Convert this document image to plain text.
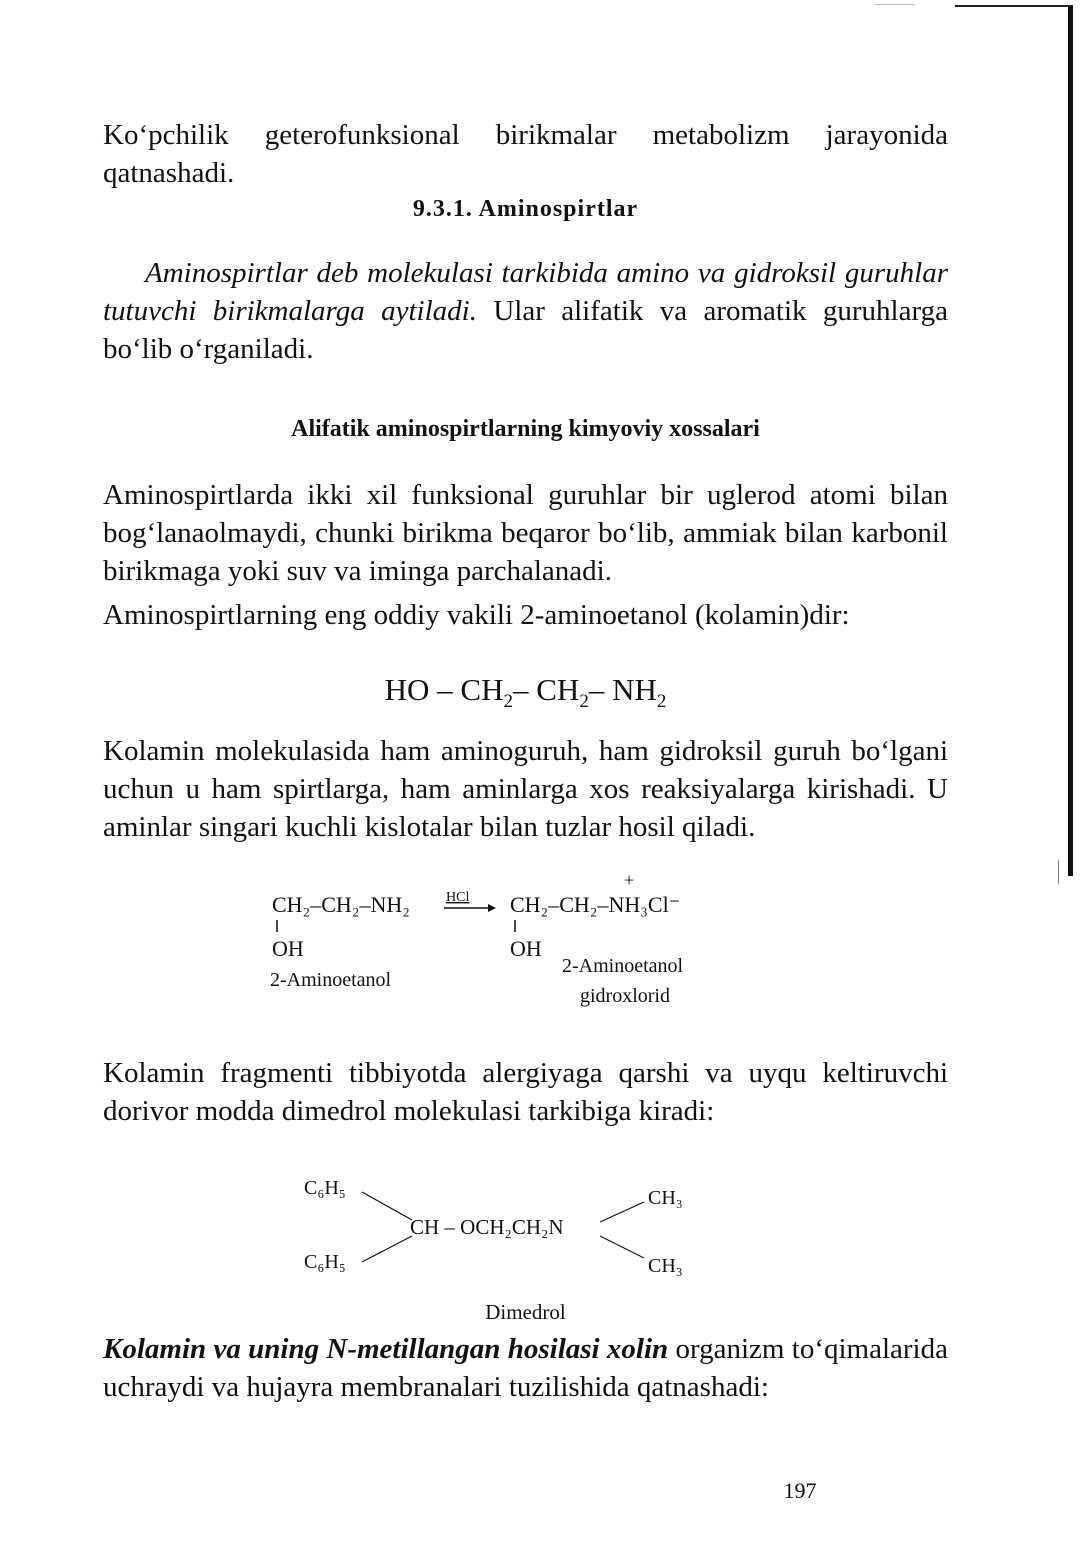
Ko‘pchilik geterofunksional birikmalar metabolizm jarayonida qatnashadi.
9.3.1. Aminospirtlar
Aminospirtlar deb molekulasi tarkibida amino va gidroksil guruhlar tutuvchi birikmalarga aytiladi. Ular alifatik va aromatik guruhlarga bo‘lib o‘rganiladi.
Alifatik aminospirtlarning kimyoviy xossalari
Aminospirtlarda ikki xil funksional guruhlar bir uglerod atomi bilan bog‘lanaolmaydi, chunki birikma beqaror bo‘lib, ammiak bilan karbonil birikmaga yoki suv va iminga parchalanadi.
Aminospirtlarning eng oddiy vakili 2-aminoetanol (kolamin)dir:
HO – $CH_2-$ $CH_2-$ $NH_2$
Kolamin molekulasida ham aminoguruh, ham gidroksil guruh bo‘lgani uchun u ham spirtlarga, ham aminlarga xos reaksiyalarga kirishadi. U aminlar singari kuchli kislotalar bilan tuzlar hosil qiladi.
CH₂–CH₂–NH₂
OH
2-Aminoetanol
HCl
+
CH₂–CH₂–NH₃Cl⁻
OH
2-Aminoetanol
gidroxlorid
Kolamin fragmenti tibbiyotda alergiyaga qarshi va uyqu keltiruvchi dorivor modda dimedrol molekulasi tarkibiga kiradi:
C₆H₅
C₆H₅
CH – OCH₂CH₂N
CH₃
CH₃
Dimedrol
Kolamin va uning N-metillangan hosilasi xolin organizm to‘qimalarida uchraydi va hujayra membranalari tuzilishida qatnashadi:
197
